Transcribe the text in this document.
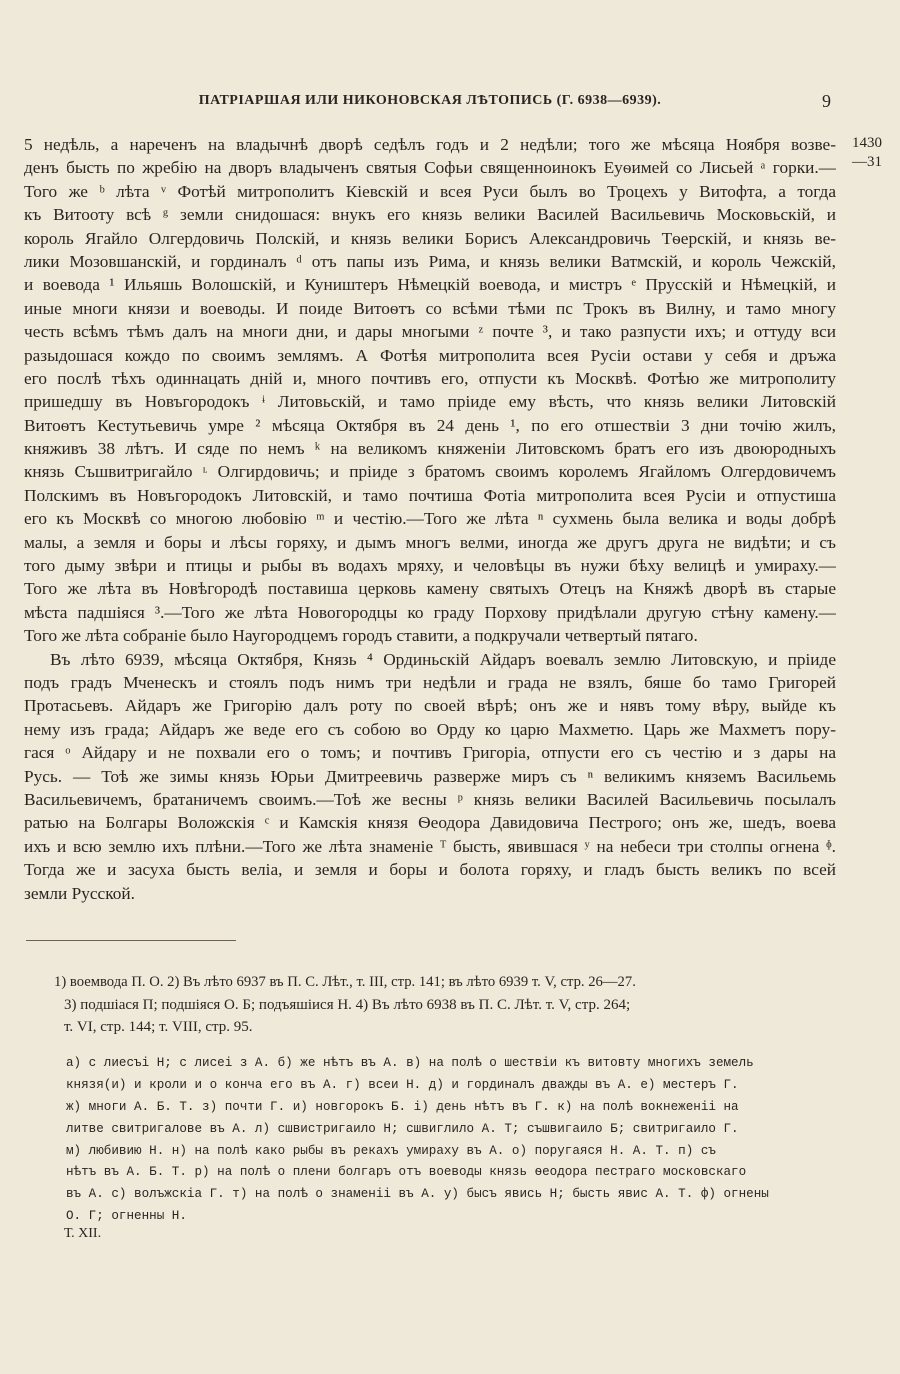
ПАТРІАРШАЯ ИЛИ НИКОНОВСКАЯ ЛѢТОПИСЬ (Г. 6938—6939).	9
1430
—31
5 недѣль, а нареченъ на владычнѣ дворѣ седѣлъ годъ и 2 недѣли; того же мѣсяца Ноября возве-
денъ бысть по жребію на дворъ владыченъ святыя Софьи священноинокъ Еуѳимей со Лисьей ᵃ горки.—
Того же ᵇ лѣта ᵛ Фотѣй митрополитъ Кіевскій и всея Руси былъ во Троцехъ у Витофта, а тогда
къ Витооту всѣ ᵍ земли снидошася: внукъ его князь велики Василей Васильевичь Московьскій, и
король Ягайло Олгердовичь Полскій, и князь велики Борисъ Александровичь Тѳерскій, и князь ве-
лики Мозовшанскій, и гординалъ ᵈ отъ папы изъ Рима, и князь велики Ватмскій, и король Чежскій,
и воевода ¹ Ильяшь Волошскій, и Куништеръ Нѣмецкій воевода, и мистръ ᵉ Прусскій и Нѣмецкій, и
иные многи князи и воеводы. И поиде Витоѳтъ со всѣми тѣми пс Трокъ въ Вилну, и тамо многу
честь всѣмъ тѣмъ далъ на многи дни, и дары многыми ᶻ почте ³, и тако разпусти ихъ; и оттуду вси
разыдошася кождо по своимъ землямъ. А Фотѣя митрополита всея Русіи остави у себя и дръжа
его послѣ тѣхъ одиннацать днiй и, много почтивъ его, отпусти къ Москвѣ. Фотѣю же митрополиту
пришедшу въ Новъгородокъ ᶤ Литовьскій, и тамо пріиде ему вѣсть, что князь велики Литовскій
Витоѳтъ Кестутьевичь умре ² мѣсяца Октября въ 24 день ¹, по его отшествіи 3 дни точію жилъ,
княживъ 38 лѣтъ. И сяде по немъ ᵏ на великомъ княженіи Литовскомъ братъ его изъ двоюродныхъ
князь Съшвитригайло ᶫ Олгирдовичь; и пріиде з братомъ своимъ королемъ Ягайломъ Олгердовичемъ
Полскимъ въ Новъгородокъ Литовскій, и тамо почтиша Фотіа митрополита всея Русіи и отпустиша
его къ Москвѣ со многою любовію ᵐ и честію.—Того же лѣта ⁿ сухмень была велика и воды добрѣ
малы, а земля и боры и лѣсы горяху, и дымъ многъ велми, иногда же другъ друга не видѣти; и съ
того дыму звѣри и птицы и рыбы въ водахъ мряху, и человѣцы въ нужи бѣху велицѣ и умираху.—
Того же лѣта въ Новѣгородѣ поставиша церковь камену святыхъ Отецъ на Княжѣ дворѣ въ старые
мѣста падшіяся ³.—Того же лѣта Новогородцы ко граду Порхову придѣлали другую стѣну камену.—
Того же лѣта собраніе было Наугородцемъ городъ ставити, а подкручали четвертый пятаго.
Въ лѣто 6939, мѣсяца Октября, Князь ⁴ Ординьскій Айдаръ воевалъ землю Литовскую, и пріиде
подъ градъ Мченескъ и стоялъ подъ нимъ три недѣли и града не взялъ, бяше бо тамо Григорей
Протасьевъ. Айдаръ же Григорію далъ роту по своей вѣрѣ; онъ же и нявъ тому вѣру, выйде къ
нему изъ града; Айдаръ же веде его съ собою во Орду ко царю Махметю. Царь же Махметъ пору-
гася ᵒ Айдару и не похвали его о томъ; и почтивъ Григоріа, отпусти его съ честію и з дары на
Русь. — Тоѣ же зимы князь Юрьи Дмитреевичь разверже миръ съ ⁿ великимъ княземъ Васильемь
Васильевичемъ, братаничемъ своимъ.—Тоѣ же весны ᵖ князь велики Василей Васильевичь посылалъ
ратью на Болгары Воложскія ᶜ и Камскія князя Ѳеодора Давидовича Пестрого; онъ же, шедъ, воева
ихъ и всю землю ихъ плѣни.—Того же лѣта знаменіе ᵀ бысть, явившася ʸ на небеси три столпы огнена ᶲ.
Тогда же и засуха бысть веліа, и земля и боры и болота горяху, и гладъ бысть великъ по всей
земли Русской.
1) воемвода П. О. 2) Въ лѣто 6937 въ П. С. Лѣт., т. III, стр. 141; въ лѣто 6939 т. V, стр. 26—27.
3) подшіася П; подшіяся О. Б; подъяшіися Н. 4) Въ лѣто 6938 въ П. С. Лѣт. т. V, стр. 264;
т. VI, стр. 144; т. VIII, стр. 95.
а) с лиесъі Н; с лисеі з А. б) же нѣтъ въ А. в) на полѣ о шествіи къ витовту многихъ земель
князя(и) и кроли и о конча его въ А. г) всеи Н. д) и гординалъ дважды въ А. е) местеръ Г.
ж) многи А. Б. Т. з) почти Г. и) новгорокъ Б. і) день нѣтъ въ Г. к) на полѣ вокнеженіі на
литве свитригалове въ А. л) сшвистригаило Н; сшвиглило А. Т; съшвигаило Б; свитригаило Г.
м) любивию Н. н) на полѣ како рыбы въ рекахъ умираху въ А. о) поругаяся Н. А. Т. п) съ
нѣтъ въ А. Б. Т. р) на полѣ о плени болгаръ отъ воеводы князь ѳеодора пестраго московскаго
въ А. с) волъжскіа Г. т) на полѣ о знаменіі въ А. у) бысъ явись Н; бысть явис А. Т. ф) огнены
О. Г; огненны Н.
Т. XII.
